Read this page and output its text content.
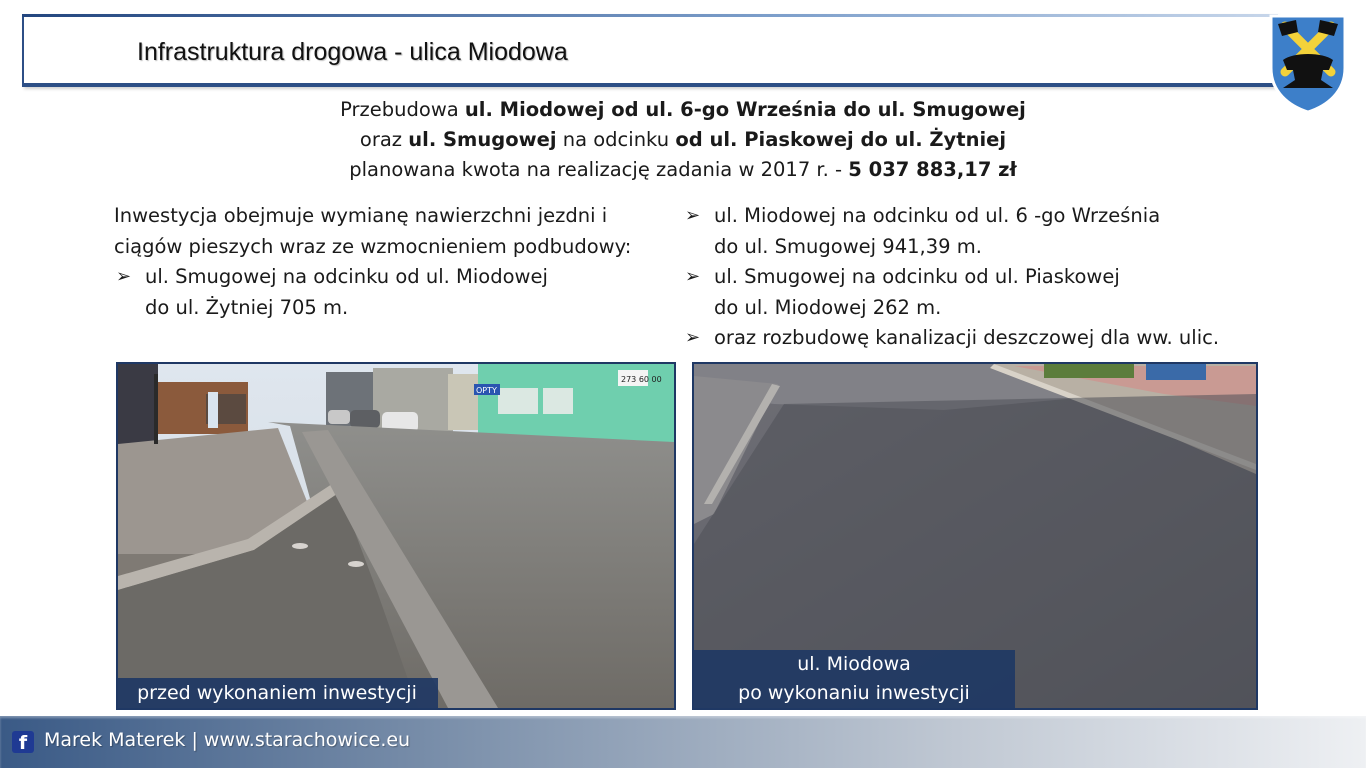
Infrastruktura drogowa - ulica Miodowa
Przebudowa ul. Miodowej od ul. 6-go Września do ul. Smugowej
oraz ul. Smugowej na odcinku od ul. Piaskowej do ul. Żytniej
planowana kwota na realizację zadania w 2017 r. - 5 037 883,17 zł
Inwestycja obejmuje wymianę nawierzchni jezdni i
ciągów pieszych wraz ze wzmocnieniem podbudowy:
➢ ul. Smugowej na odcinku od ul. Miodowej
do ul. Żytniej 705 m.
➢ ul. Miodowej na odcinku od ul. 6 -go Września
do ul. Smugowej 941,39 m.
➢ ul. Smugowej na odcinku od ul. Piaskowej
do ul. Miodowej 262 m.
➢ oraz rozbudowę kanalizacji deszczowej dla ww. ulic.
273 60 00
OPTY
przed wykonaniem inwestycji
ul. Miodowa
po wykonaniu inwestycji
f Marek Materek | www.starachowice.eu
